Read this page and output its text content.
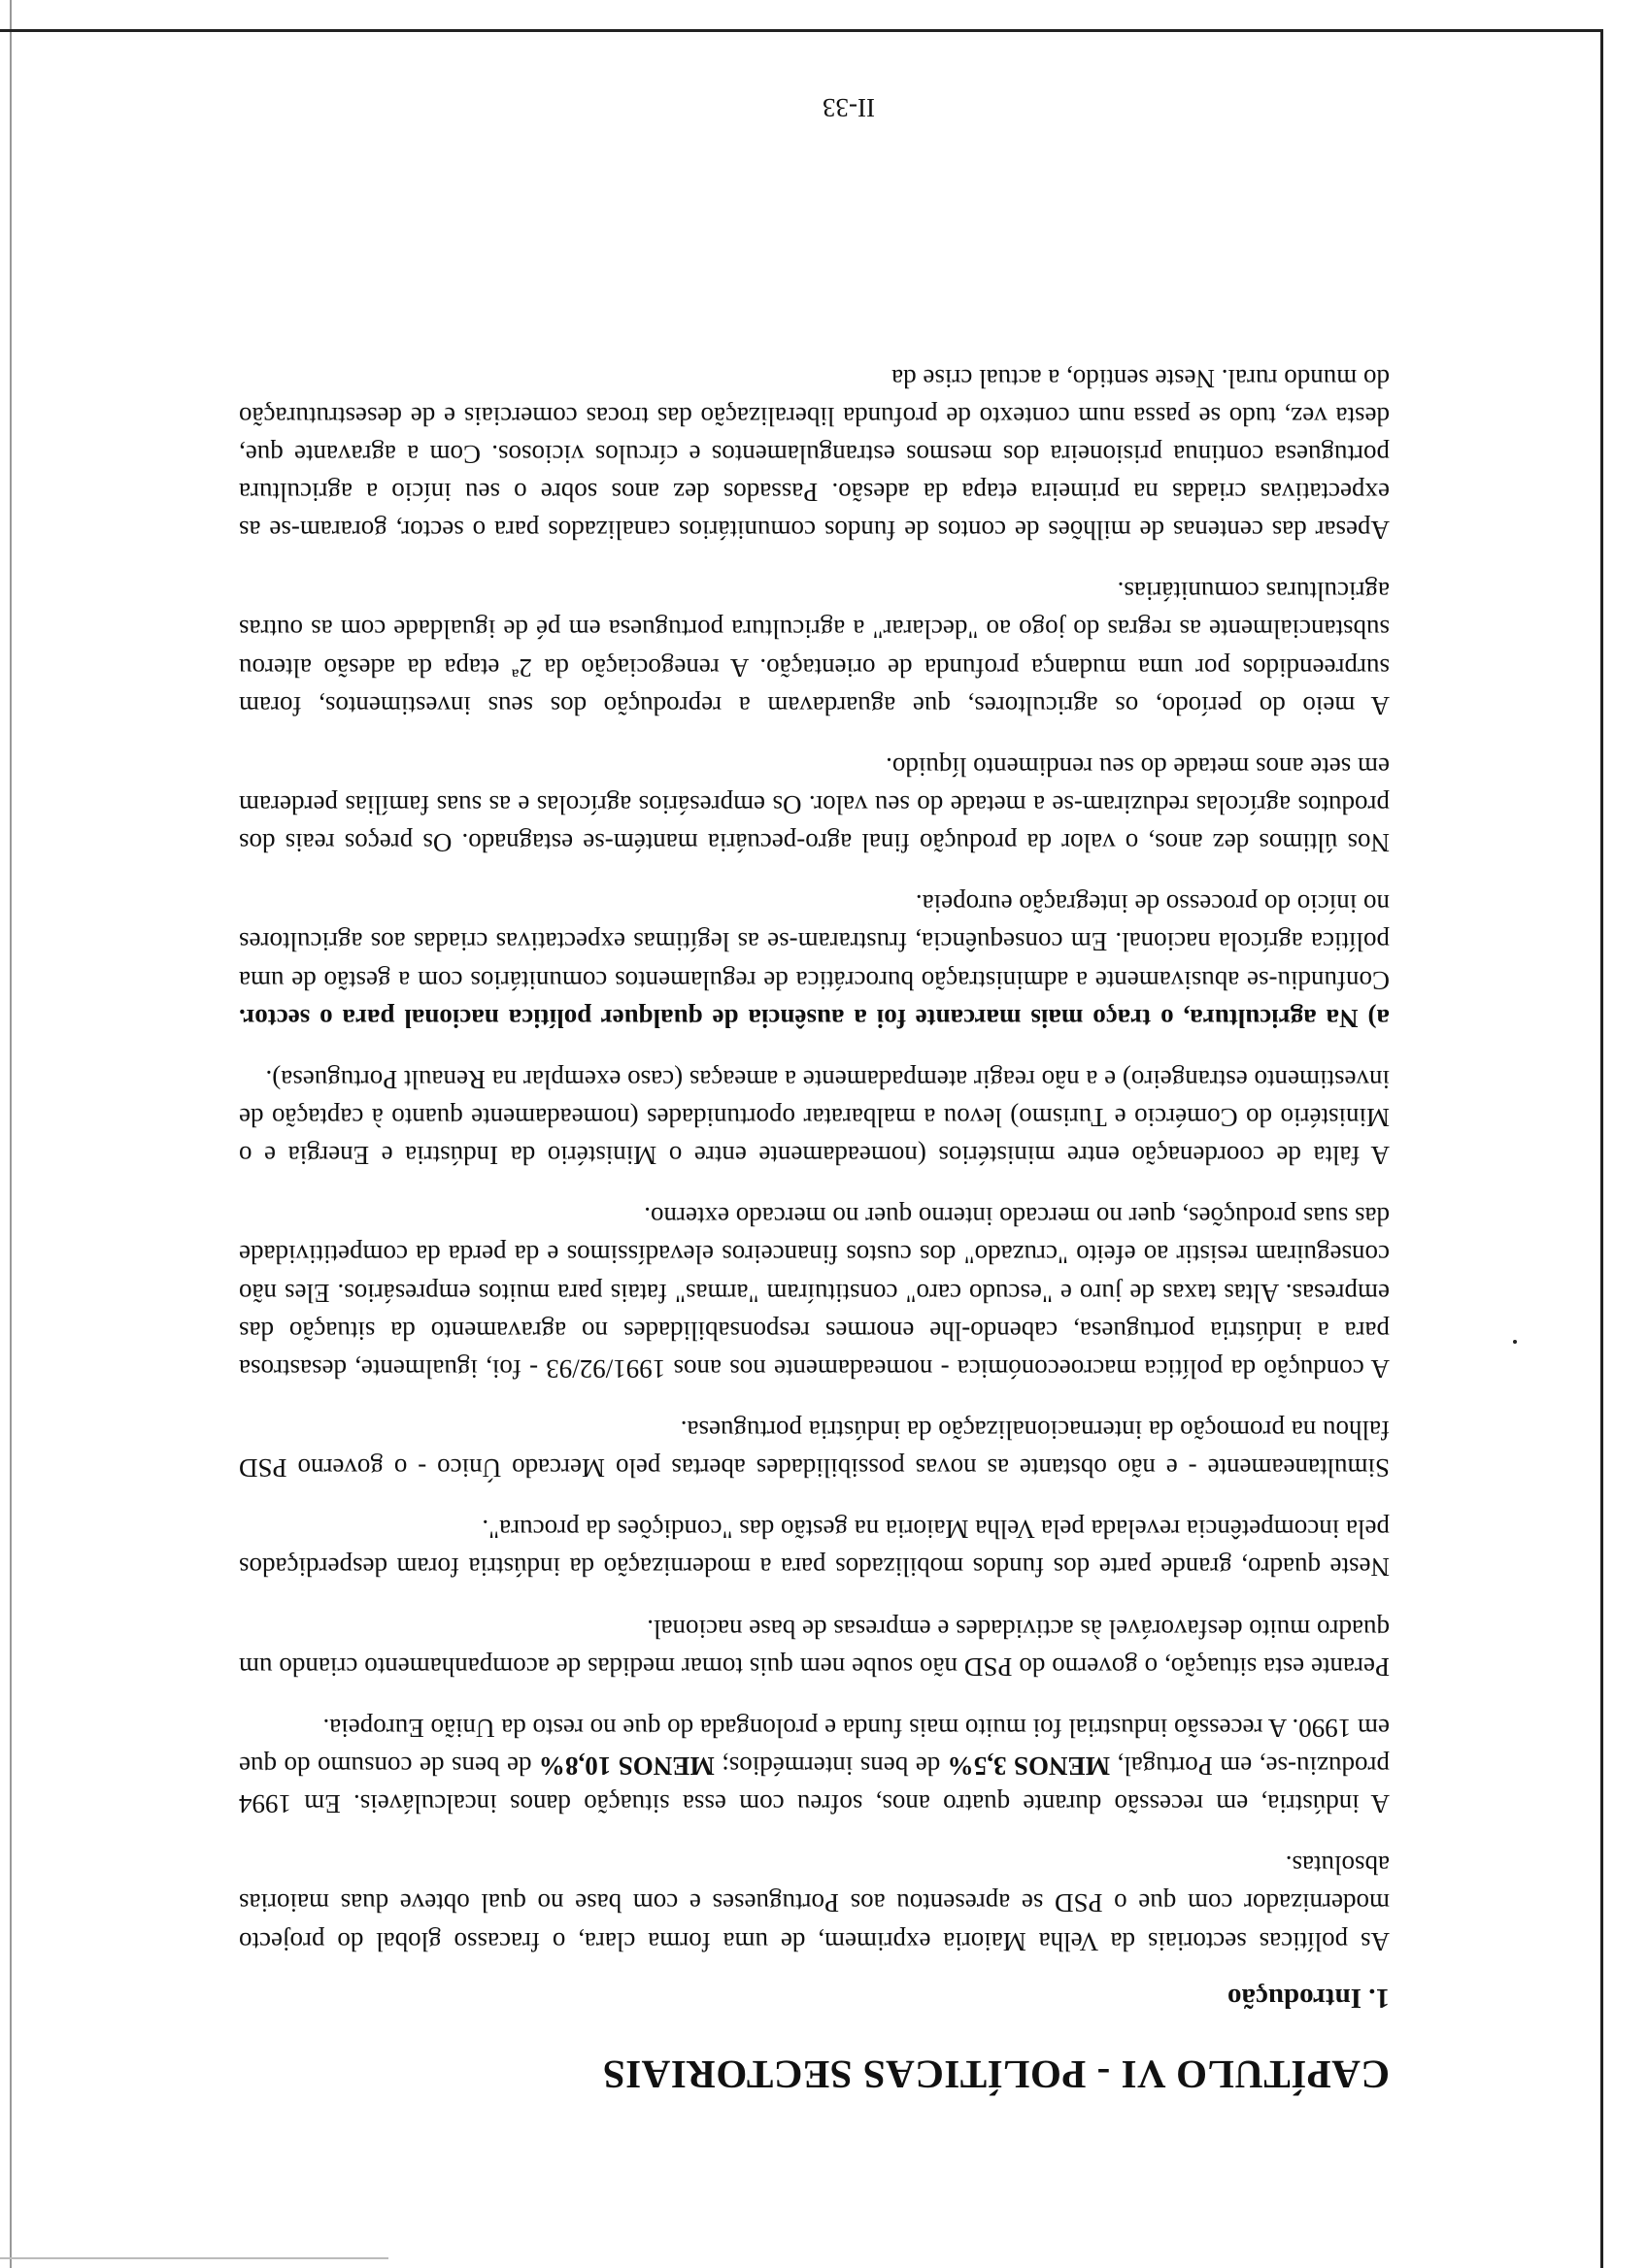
CAPÍTULO VI - POLÍTICAS SECTORIAIS
1. Introdução

As políticas sectoriais da Velha Maioria exprimem, de uma forma clara, o fracasso global do projecto modernizador com que o PSD se apresentou aos Portugueses e com base no qual obteve duas maiorias absolutas.

A indústria, em recessão durante quatro anos, sofreu com essa situação danos incalculáveis. Em 1994 produziu-se, em Portugal, MENOS 3,5% de bens intermédios; MENOS 10,8% de bens de consumo do que em 1990. A recessão industrial foi muito mais funda e prolongada do que no resto da União Europeia.

Perante esta situação, o governo do PSD não soube nem quis tomar medidas de acompanhamento criando um quadro muito desfavorável às actividades e empresas de base nacional.

Neste quadro, grande parte dos fundos mobilizados para a modernização da indústria foram desperdiçados pela incompetência revelada pela Velha Maioria na gestão das "condições da procura".

Simultaneamente - e não obstante as novas possibilidades abertas pelo Mercado Único - o governo PSD falhou na promoção da internacionalização da indústria portuguesa.

A condução da política macroeconómica - nomeadamente nos anos 1991/92/93 - foi, igualmente, desastrosa para a indústria portuguesa, cabendo-lhe enormes responsabilidades no agravamento da situação das empresas. Altas taxas de juro e "escudo caro" constituíram "armas" fatais para muitos empresários. Eles não conseguiram resistir ao efeito "cruzado" dos custos financeiros elevadíssimos e da perda da competitividade das suas produções, quer no mercado interno quer no mercado externo.

A falta de coordenação entre ministérios (nomeadamente entre o Ministério da Indústria e Energia e o Ministério do Comércio e Turismo) levou a malbaratar oportunidades (nomeadamente quanto à captação de investimento estrangeiro) e a não reagir atempadamente a ameaças (caso exemplar na Renault Portuguesa).

a) Na agricultura, o traço mais marcante foi a ausência de qualquer política nacional para o sector. Confundiu-se abusivamente a administração burocrática de regulamentos comunitários com a gestão de uma política agrícola nacional. Em consequência, frustraram-se as legítimas expectativas criadas aos agricultores no início do processo de integração europeia.

Nos últimos dez anos, o valor da produção final agro-pecuária mantém-se estagnado. Os preços reais dos produtos agrícolas reduziram-se a metade do seu valor. Os empresários agrícolas e as suas famílias perderam em sete anos metade do seu rendimento líquido.

A meio do período, os agricultores, que aguardavam a reprodução dos seus investimentos, foram surpreendidos por uma mudança profunda de orientação. A renegociação da 2ª etapa da adesão alterou substancialmente as regras do jogo ao "declarar" a agricultura portuguesa em pé de igualdade com as outras agriculturas comunitárias.

Apesar das centenas de milhões de contos de fundos comunitários canalizados para o sector, goraram-se as expectativas criadas na primeira etapa da adesão. Passados dez anos sobre o seu início a agricultura portuguesa continua prisioneira dos mesmos estrangulamentos e círculos viciosos. Com a agravante que, desta vez, tudo se passa num contexto de profunda liberalização das trocas comerciais e de desestruturação do mundo rural. Neste sentido, a actual crise da

II-33
